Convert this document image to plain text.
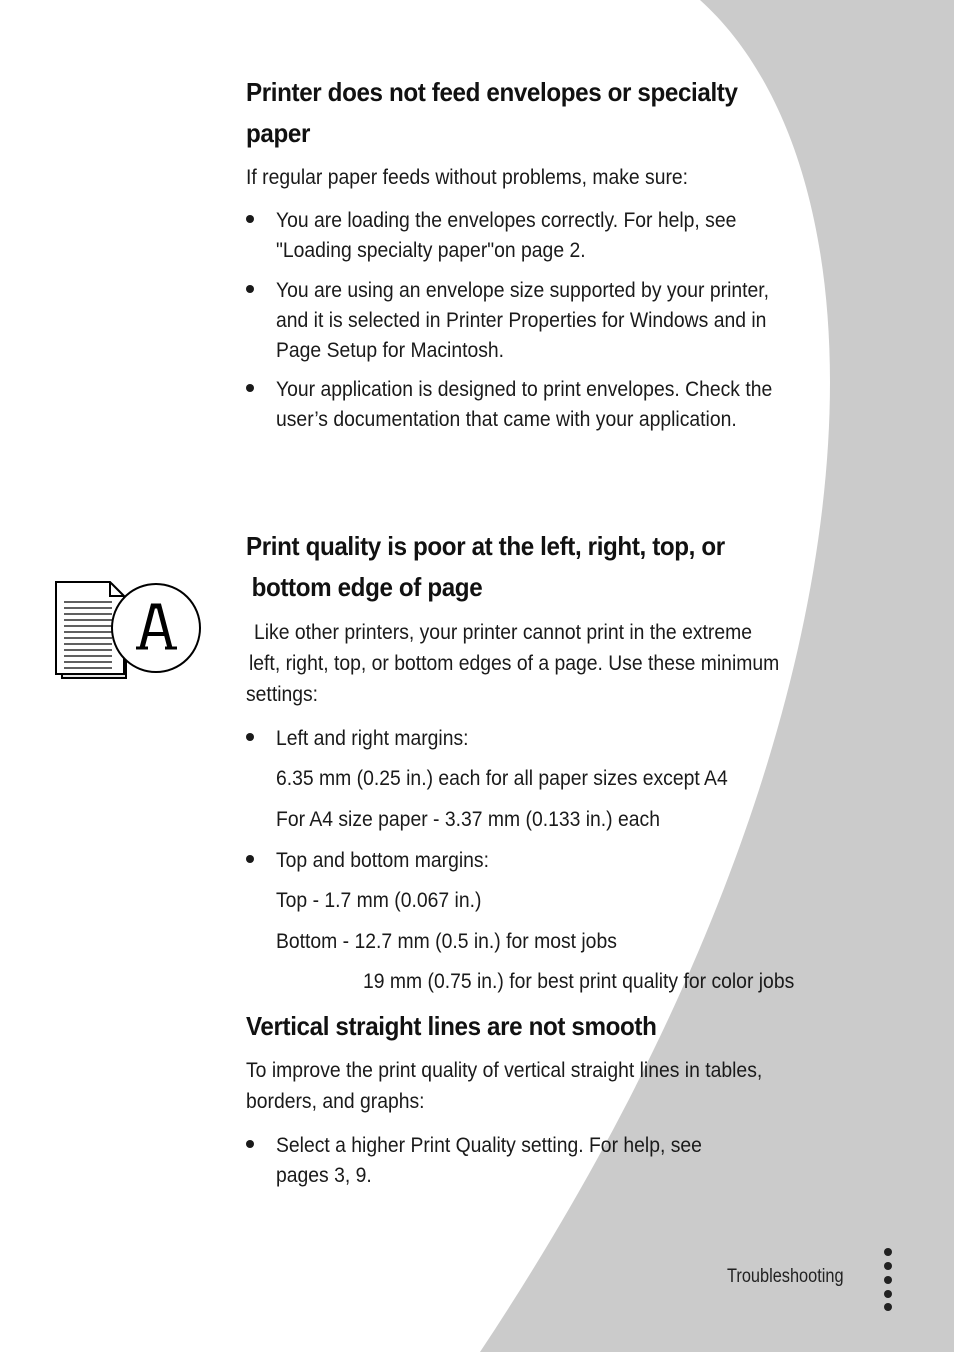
Printer does not feed envelopes or specialty
paper
If regular paper feeds without problems, make sure:
You are loading the envelopes correctly. For help, see
"Loading specialty paper"on page 2.
You are using an envelope size supported by your printer,
and it is selected in Printer Properties for Windows and in
Page Setup for Macintosh.
Your application is designed to print envelopes. Check the
user’s documentation that came with your application.
Print quality is poor at the left, right, top, or
bottom edge of page
Like other printers, your printer cannot print in the extreme
left, right, top, or bottom edges of a page. Use these minimum
settings:
Left and right margins:
6.35 mm (0.25 in.) each for all paper sizes except A4
For A4 size paper - 3.37 mm (0.133 in.) each
Top and bottom margins:
Top - 1.7 mm (0.067 in.)
Bottom - 12.7 mm (0.5 in.) for most jobs
19 mm (0.75 in.) for best print quality for color jobs
Vertical straight lines are not smooth
To improve the print quality of vertical straight lines in tables,
borders, and graphs:
Select a higher Print Quality setting. For help, see
pages 3, 9.
Troubleshooting
